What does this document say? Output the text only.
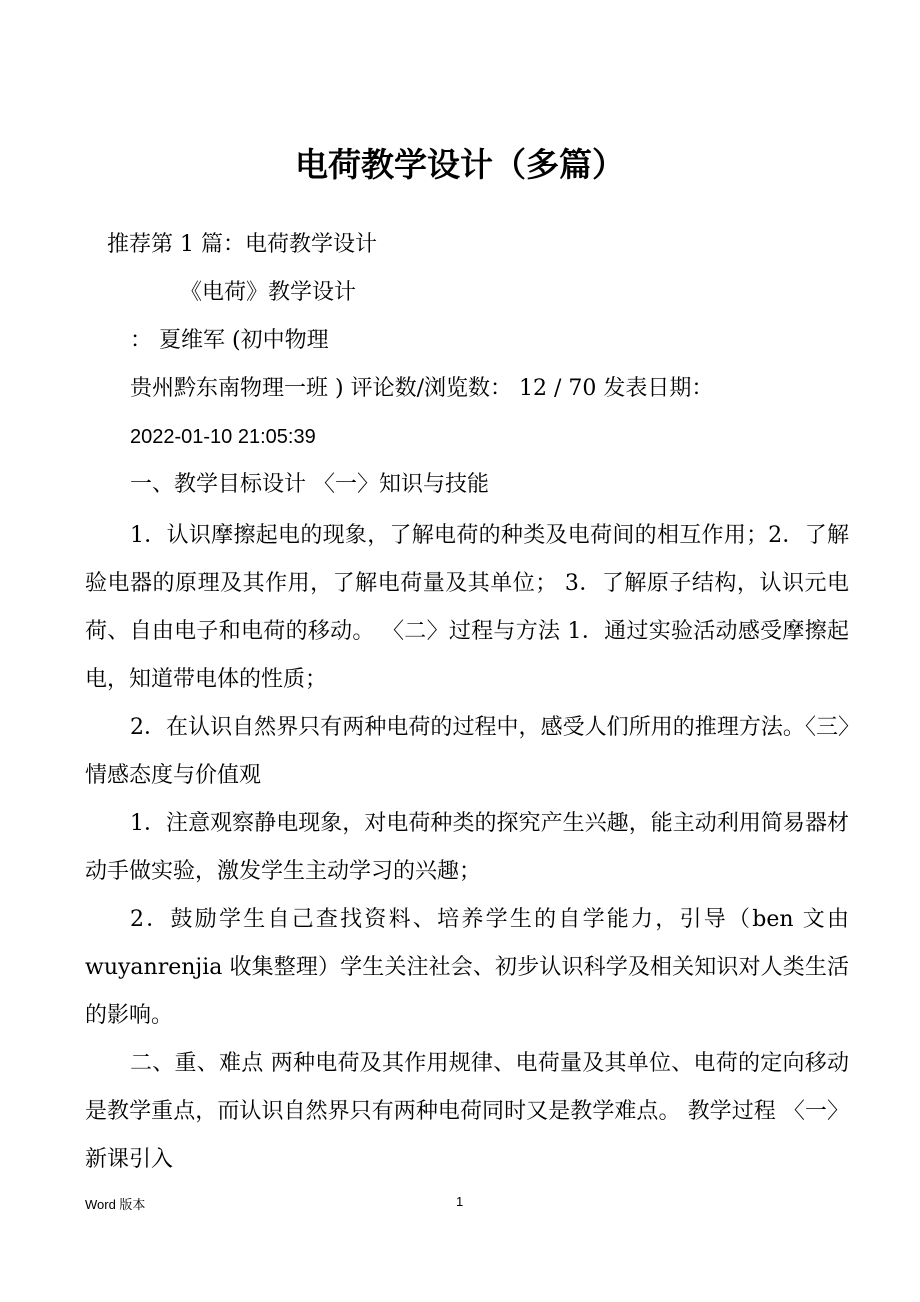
电荷教学设计（多篇）
推荐第 1 篇：电荷教学设计
《电荷》教学设计
： 夏维军 (初中物理
贵州黔东南物理一班 ) 评论数/浏览数： 12 / 70 发表日期：
2022-01-10 21:05:39
一、教学目标设计 〈一〉知识与技能
1．认识摩擦起电的现象，了解电荷的种类及电荷间的相互作用；2．了解验电器的原理及其作用，了解电荷量及其单位； 3．了解原子结构，认识元电荷、自由电子和电荷的移动。 〈二〉过程与方法 1．通过实验活动感受摩擦起电，知道带电体的性质；
2．在认识自然界只有两种电荷的过程中，感受人们所用的推理方法。〈三〉情感态度与价值观
1．注意观察静电现象，对电荷种类的探究产生兴趣，能主动利用简易器材动手做实验，激发学生主动学习的兴趣；
2．鼓励学生自己查找资料、培养学生的自学能力，引导（ben 文由 wuyanrenjia 收集整理）学生关注社会、初步认识科学及相关知识对人类生活的影响。
二、重、难点 两种电荷及其作用规律、电荷量及其单位、电荷的定向移动是教学重点，而认识自然界只有两种电荷同时又是教学难点。 教学过程 〈一〉新课引入
Word 版本	1
